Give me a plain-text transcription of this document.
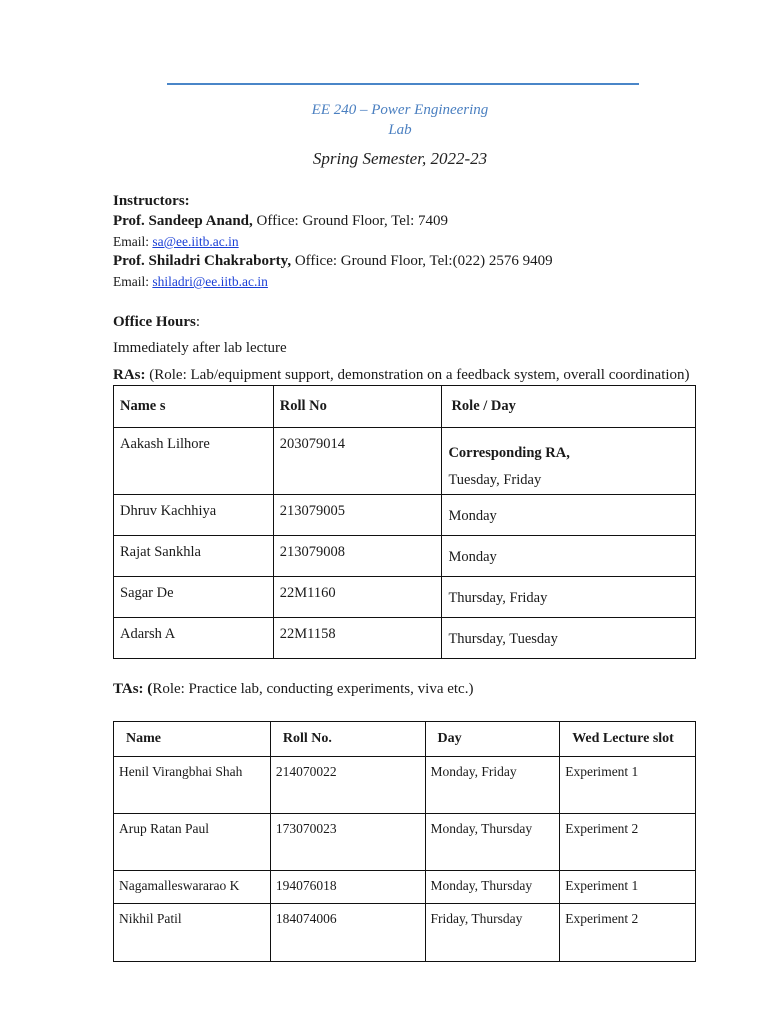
EE 240 – Power Engineering
Lab
Spring Semester, 2022-23
Instructors:
Prof. Sandeep Anand, Office: Ground Floor, Tel: 7409
Email: sa@ee.iitb.ac.in
Prof. Shiladri Chakraborty, Office: Ground Floor, Tel:(022) 2576 9409
Email: shiladri@ee.iitb.ac.in
Office Hours:
Immediately after lab lecture
RAs: (Role: Lab/equipment support, demonstration on a feedback system, overall coordination)
Name s	Roll No	Role / Day

Aakash Lilhore	203079014	Corresponding RA,
Tuesday, Friday

Dhruv Kachhiya	213079005	Monday

Rajat Sankhla	213079008	Monday

Sagar De	22M1160	Thursday, Friday

Adarsh A	22M1158	Thursday, Tuesday
TAs: (Role: Practice lab, conducting experiments, viva etc.)
Name	Roll No.	Day	Wed Lecture slot

Henil Virangbhai Shah	214070022	Monday, Friday	Experiment 1

Arup Ratan Paul	173070023	Monday, Thursday	Experiment 2

Nagamalleswararao K	194076018	Monday, Thursday	Experiment 1

Nikhil Patil	184074006	Friday, Thursday	Experiment 2
